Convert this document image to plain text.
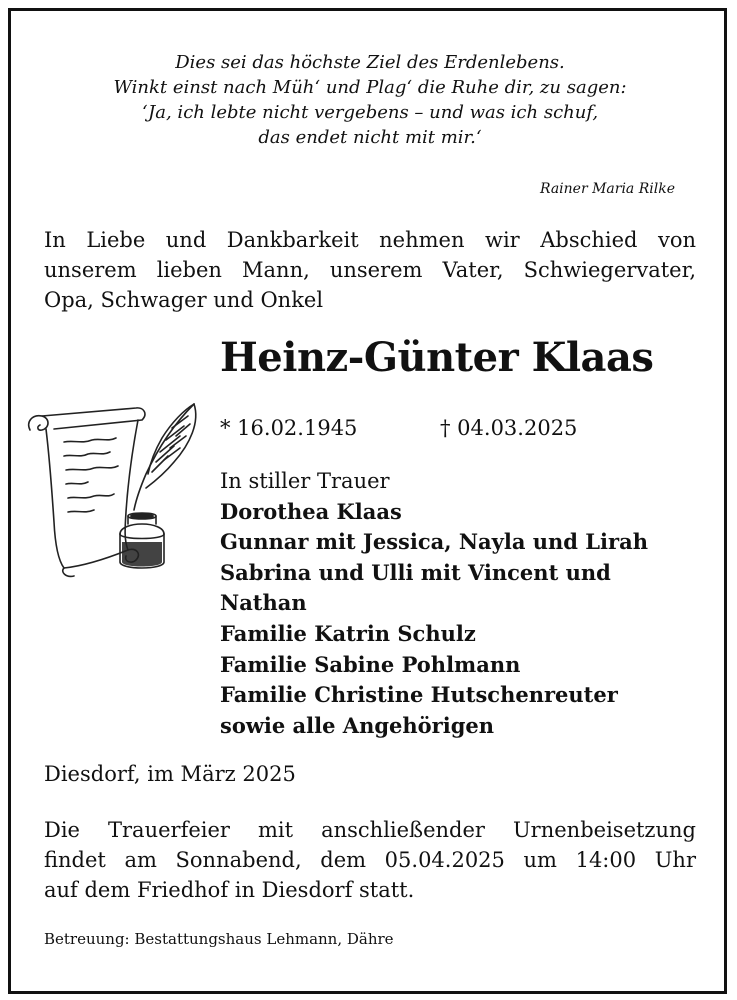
Dies sei das höchste Ziel des Erdenlebens.
Winkt einst nach Müh‘ und Plag‘ die Ruhe dir, zu sagen:
‘Ja, ich lebte nicht vergebens – und was ich schuf,
das endet nicht mit mir.‘
Rainer Maria Rilke
In Liebe und Dankbarkeit nehmen wir Abschied von
unserem lieben Mann, unserem Vater, Schwiegervater,
Opa, Schwager und Onkel
Heinz-Günter Klaas
* 16.02.1945	† 04.03.2025
In stiller Trauer
Dorothea Klaas
Gunnar mit Jessica, Nayla und Lirah
Sabrina und Ulli mit Vincent und
Nathan
Familie Katrin Schulz
Familie Sabine Pohlmann
Familie Christine Hutschenreuter
sowie alle Angehörigen
Diesdorf, im März 2025
Die Trauerfeier mit anschließender Urnenbeisetzung
findet am Sonnabend, dem 05.04.2025 um 14:00 Uhr
auf dem Friedhof in Diesdorf statt.
Betreuung: Bestattungshaus Lehmann, Dähre
